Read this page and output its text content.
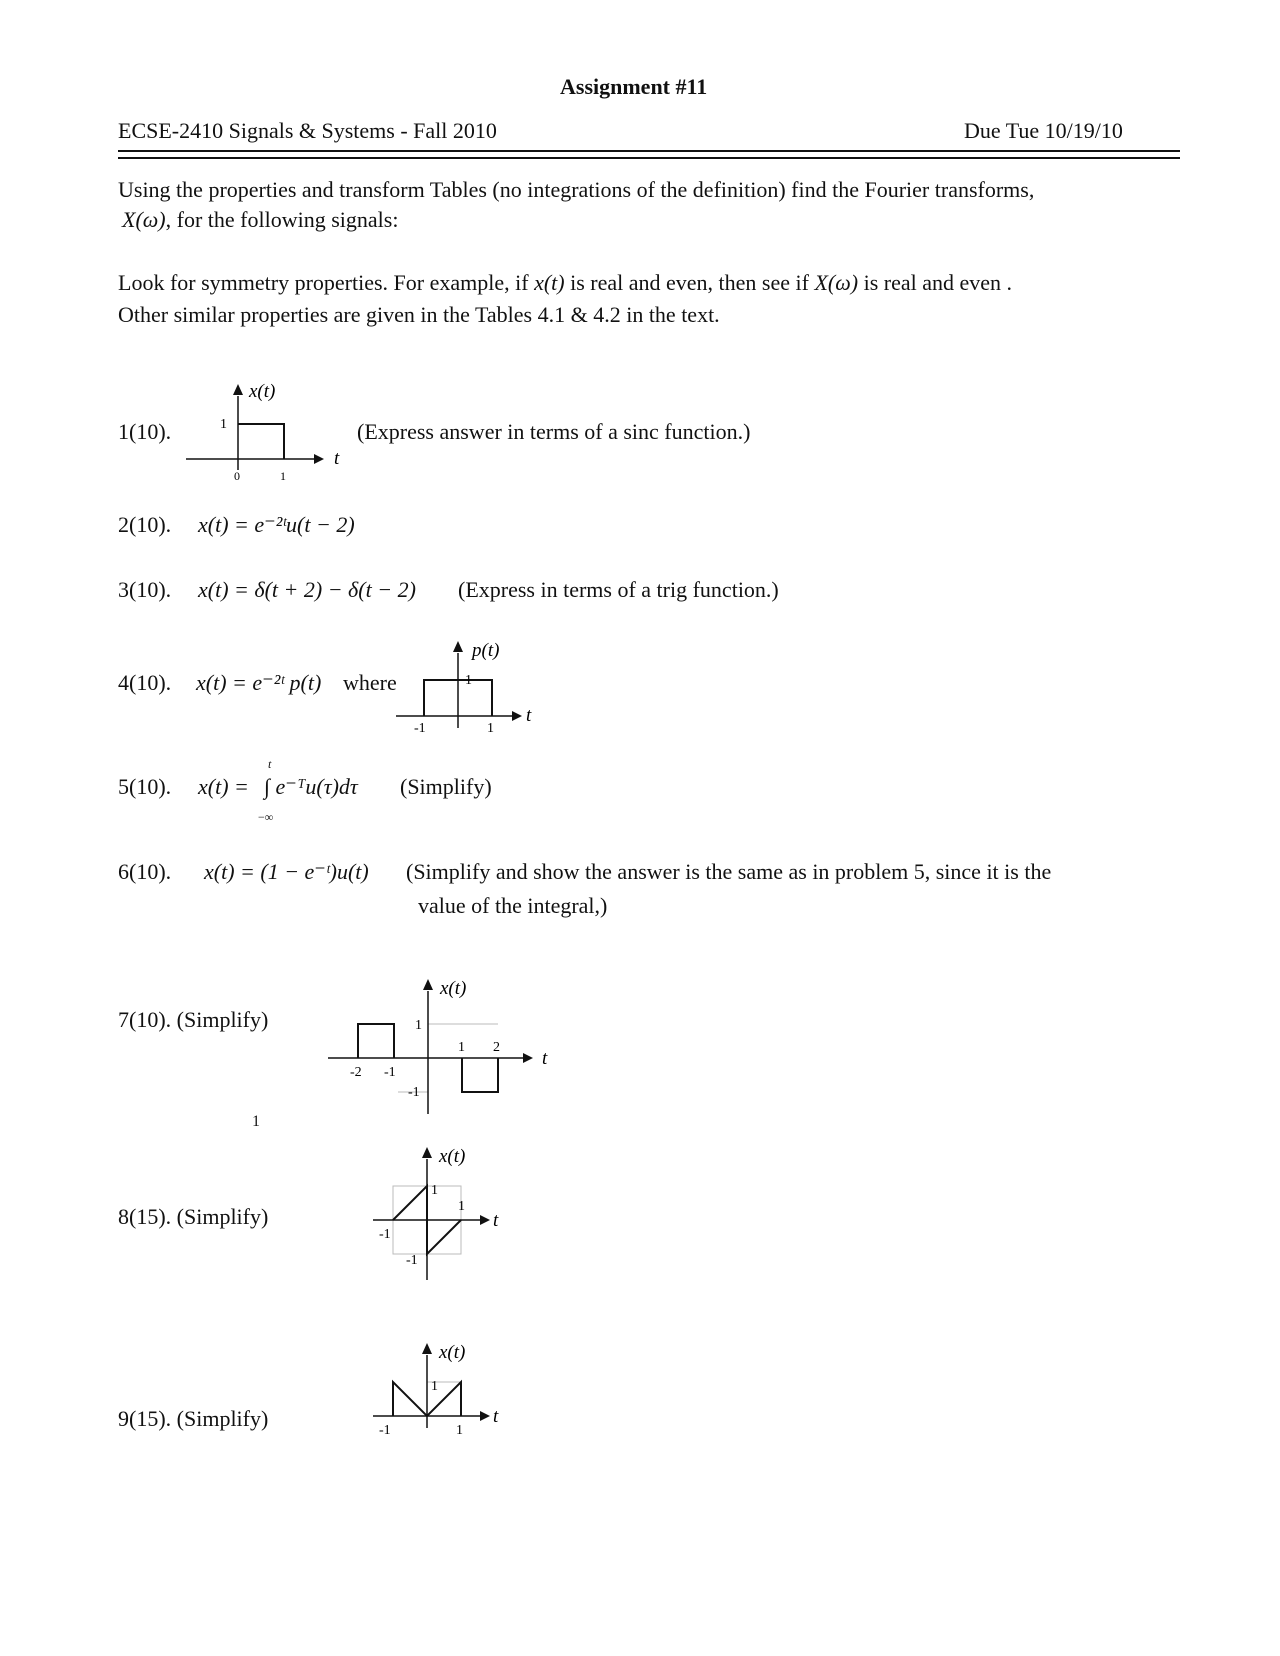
Assignment #11
ECSE-2410 Signals & Systems - Fall 2010	Due Tue 10/19/10
Using the properties and transform Tables (no integrations of the definition) find the Fourier transforms,
X(ω), for the following signals:
Look for symmetry properties. For example, if x(t) is real and even, then see if X(ω) is real and even .
Other similar properties are given in the Tables 4.1 & 4.2 in the text.
1(10).
x(t)
t
1
0	1
(Express answer in terms of a sinc function.)
2(10). x(t) = e⁻²ᵗu(t − 2)
3(10). x(t) = δ(t + 2) − δ(t − 2) (Express in terms of a trig function.)
4(10). x(t) = e⁻²ᵗ p(t) where
p(t)
t
1
-1	1
5(10). x(t) =
t
∫ e⁻ᵀu(τ)dτ
−∞
(Simplify)
6(10). x(t) = (1 − e⁻ᵗ)u(t) (Simplify and show the answer is the same as in problem 5, since it is the
value of the integral,)
7(10). (Simplify)
x(t)
t
1
-1
-2 -1
1 2
1
8(15). (Simplify)
x(t)
t
1
-1
-1
1
9(15). (Simplify)
x(t)
t
1
-1	1
